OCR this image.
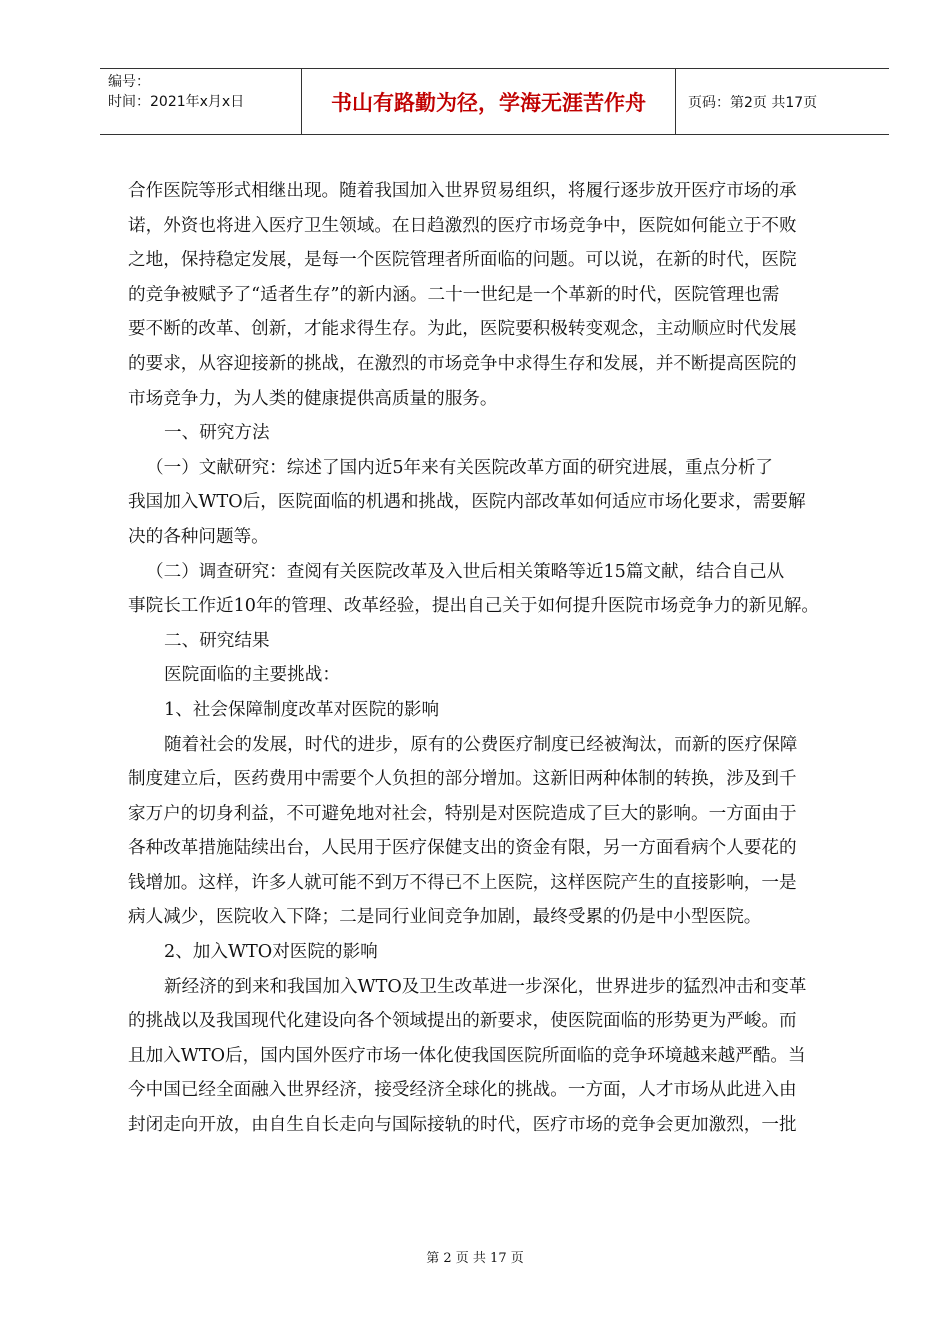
编号：
时间：2021年x月x日	书山有路勤为径，学海无涯苦作舟	页码：第2页 共17页

合作医院等形式相继出现。随着我国加入世界贸易组织，将履行逐步放开医疗市场的承

诺，外资也将进入医疗卫生领域。在日趋激烈的医疗市场竞争中，医院如何能立于不败

之地，保持稳定发展，是每一个医院管理者所面临的问题。可以说，在新的时代，医院

的竞争被赋予了“适者生存”的新内涵。二十一世纪是一个革新的时代，医院管理也需

要不断的改革、创新，才能求得生存。为此，医院要积极转变观念，主动顺应时代发展

的要求，从容迎接新的挑战，在激烈的市场竞争中求得生存和发展，并不断提高医院的

市场竞争力，为人类的健康提供高质量的服务。

一、研究方法

（一）文献研究：综述了国内近5年来有关医院改革方面的研究进展，重点分析了

我国加入WTO后，医院面临的机遇和挑战，医院内部改革如何适应市场化要求，需要解

决的各种问题等。

（二）调查研究：查阅有关医院改革及入世后相关策略等近15篇文献，结合自己从

事院长工作近10年的管理、改革经验，提出自己关于如何提升医院市场竞争力的新见解。

二、研究结果

医院面临的主要挑战：

1、社会保障制度改革对医院的影响

随着社会的发展，时代的进步，原有的公费医疗制度已经被淘汰，而新的医疗保障

制度建立后，医药费用中需要个人负担的部分增加。这新旧两种体制的转换，涉及到千

家万户的切身利益，不可避免地对社会，特别是对医院造成了巨大的影响。一方面由于

各种改革措施陆续出台，人民用于医疗保健支出的资金有限，另一方面看病个人要花的

钱增加。这样，许多人就可能不到万不得已不上医院，这样医院产生的直接影响，一是

病人减少，医院收入下降；二是同行业间竞争加剧，最终受累的仍是中小型医院。

2、加入WTO对医院的影响

新经济的到来和我国加入WTO及卫生改革进一步深化，世界进步的猛烈冲击和变革

的挑战以及我国现代化建设向各个领域提出的新要求，使医院面临的形势更为严峻。而

且加入WTO后，国内国外医疗市场一体化使我国医院所面临的竞争环境越来越严酷。当

今中国已经全面融入世界经济，接受经济全球化的挑战。一方面，人才市场从此进入由

封闭走向开放，由自生自长走向与国际接轨的时代，医疗市场的竞争会更加激烈，一批

第 2 页 共 17 页
